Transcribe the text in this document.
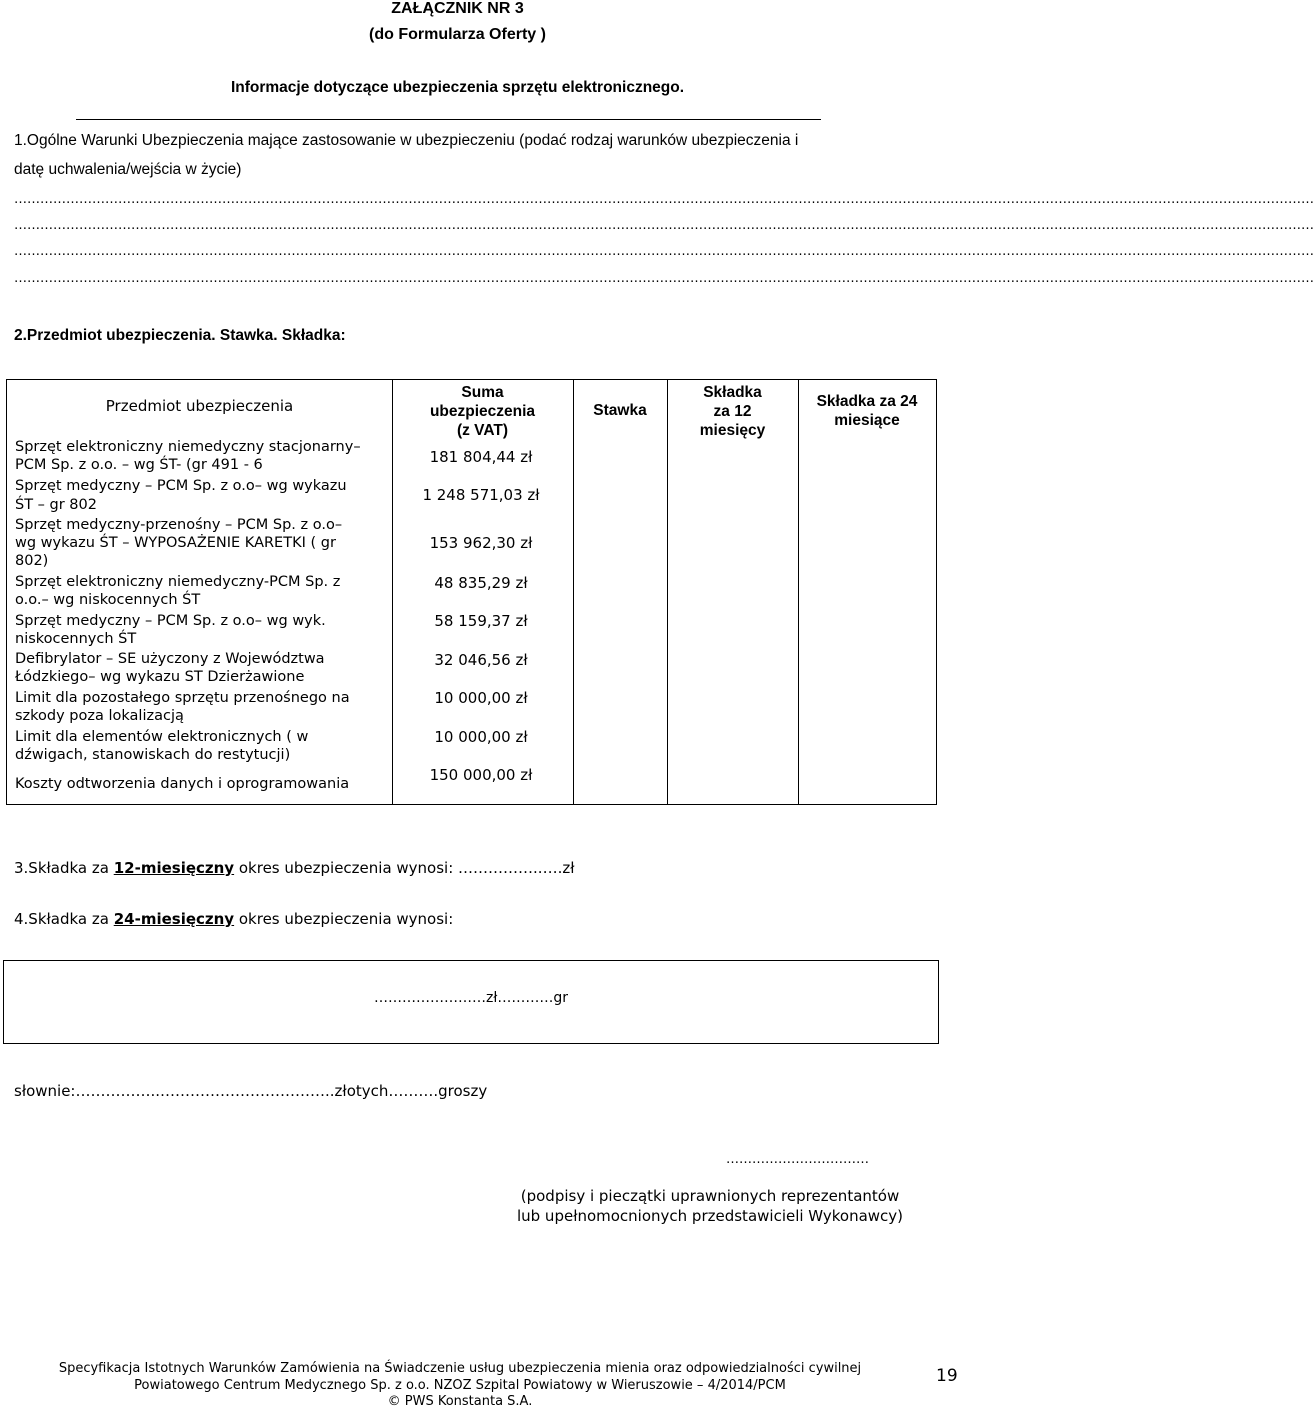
ZAŁĄCZNIK NR 3
(do Formularza Oferty )
Informacje dotyczące ubezpieczenia sprzętu elektronicznego.
1.Ogólne Warunki Ubezpieczenia mające zastosowanie w ubezpieczeniu (podać rodzaj warunków ubezpieczenia i
datę uchwalenia/wejścia w życie)
…………………………………………………………………………………………………………………………………………………………………………………………………………………………………………………………………………
…………………………………………………………………………………………………………………………………………………………………………………………………………………………………………………………………………
…………………………………………………………………………………………………………………………………………………………………………………………………………………………………………………………………………
…………………………………………………………………………………………………………………………………………………………………………………………………………………………………………………………………………
2.Przedmiot ubezpieczenia. Stawka. Składka:
Przedmiot ubezpieczenia
Suma
ubezpieczenia
(z VAT)
Stawka
Składka
za 12
miesięcy
Składka za 24
miesiące
Sprzęt elektroniczny niemedyczny stacjonarny–
PCM Sp. z o.o. – wg ŚT- (gr 491 - 6	181 804,44 zł
Sprzęt medyczny – PCM Sp. z o.o– wg wykazu
ŚT – gr 802
1 248 571,03 zł
Sprzęt medyczny-przenośny – PCM Sp. z o.o–
wg wykazu ŚT – WYPOSAŻENIE KARETKI ( gr
802)
153 962,30 zł
Sprzęt elektroniczny niemedyczny-PCM Sp. z
o.o.– wg niskocennych ŚT
48 835,29 zł
Sprzęt medyczny – PCM Sp. z o.o– wg wyk.
niskocennych ŚT
58 159,37 zł
Defibrylator – SE użyczony z Województwa
Łódzkiego– wg wykazu ST Dzierżawione
32 046,56 zł
Limit dla pozostałego sprzętu przenośnego na
szkody poza lokalizacją
10 000,00 zł
Limit dla elementów elektronicznych ( w
dźwigach, stanowiskach do restytucji)
10 000,00 zł
Koszty odtworzenia danych i oprogramowania	150 000,00 zł
3.Składka za 12-miesięczny okres ubezpieczenia wynosi: ……………..….zł
4.Składka za 24-miesięczny okres ubezpieczenia wynosi:
……………………zł…………gr
słownie:……………..……………………………..złotych……….groszy
……………………………
(podpisy i pieczątki uprawnionych reprezentantów
lub upełnomocnionych przedstawicieli Wykonawcy)
Specyfikacja Istotnych Warunków Zamówienia na Świadczenie usług ubezpieczenia mienia oraz odpowiedzialności cywilnej
Powiatowego Centrum Medycznego Sp. z o.o. NZOZ Szpital Powiatowy w Wieruszowie – 4/2014/PCM
© PWS Konstanta S.A.
19
